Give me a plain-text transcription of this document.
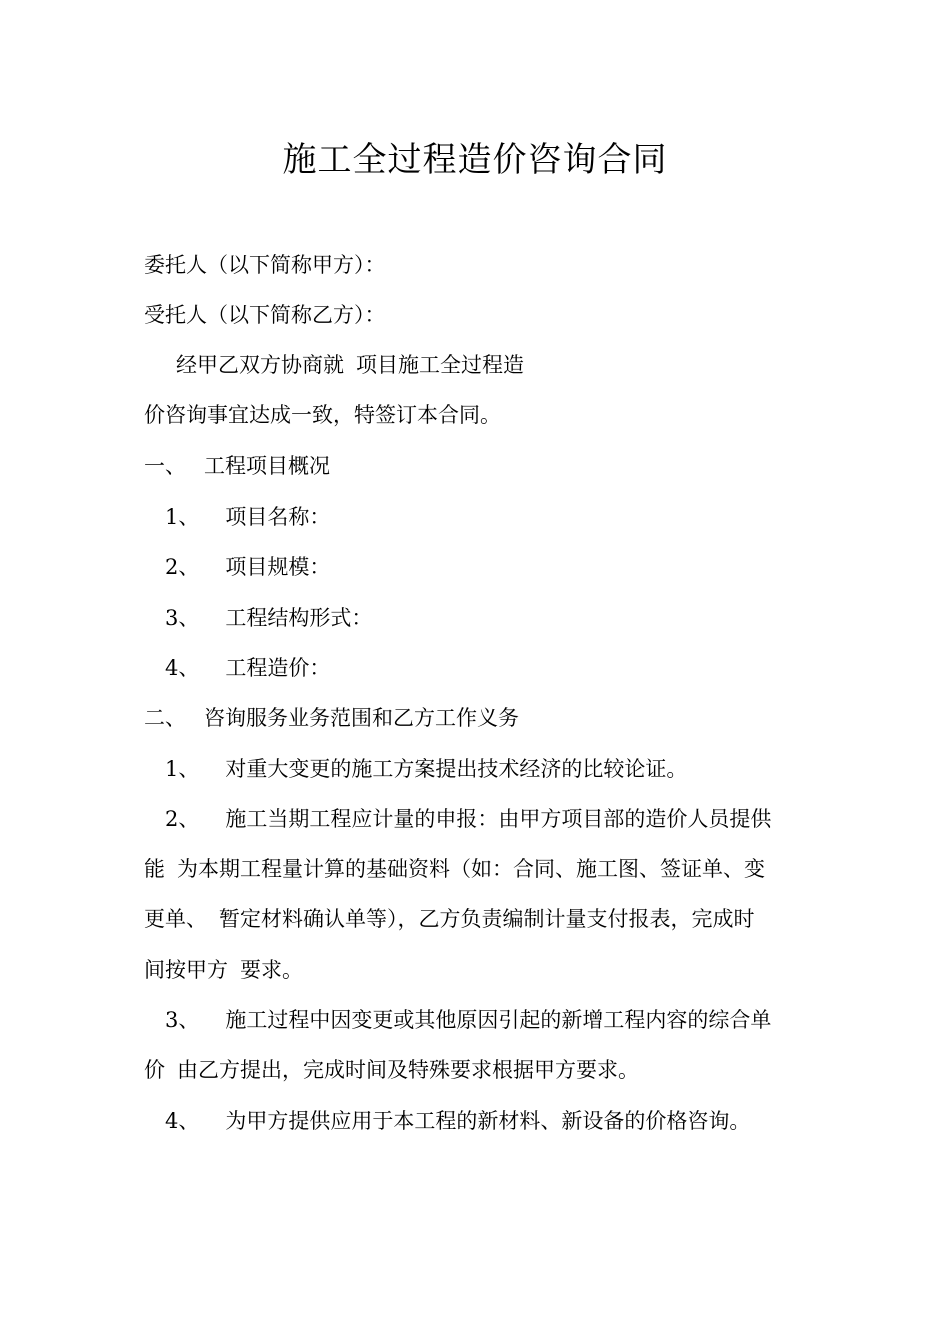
施工全过程造价咨询合同
委托人（以下简称甲方）：
受托人（以下简称乙方）：
经甲乙双方协商就 项目施工全过程造
价咨询事宜达成一致，特签订本合同。
一、 工程项目概况
1、 项目名称：
2、 项目规模：
3、 工程结构形式：
4、 工程造价：
二、 咨询服务业务范围和乙方工作义务
1、 对重大变更的施工方案提出技术经济的比较论证。
2、 施工当期工程应计量的申报：由甲方项目部的造价人员提供
能 为本期工程量计算的基础资料（如：合同、施工图、签证单、变
更单、 暂定材料确认单等），乙方负责编制计量支付报表，完成时
间按甲方 要求。
3、 施工过程中因变更或其他原因引起的新增工程内容的综合单
价 由乙方提出，完成时间及特殊要求根据甲方要求。
4、 为甲方提供应用于本工程的新材料、新设备的价格咨询。
